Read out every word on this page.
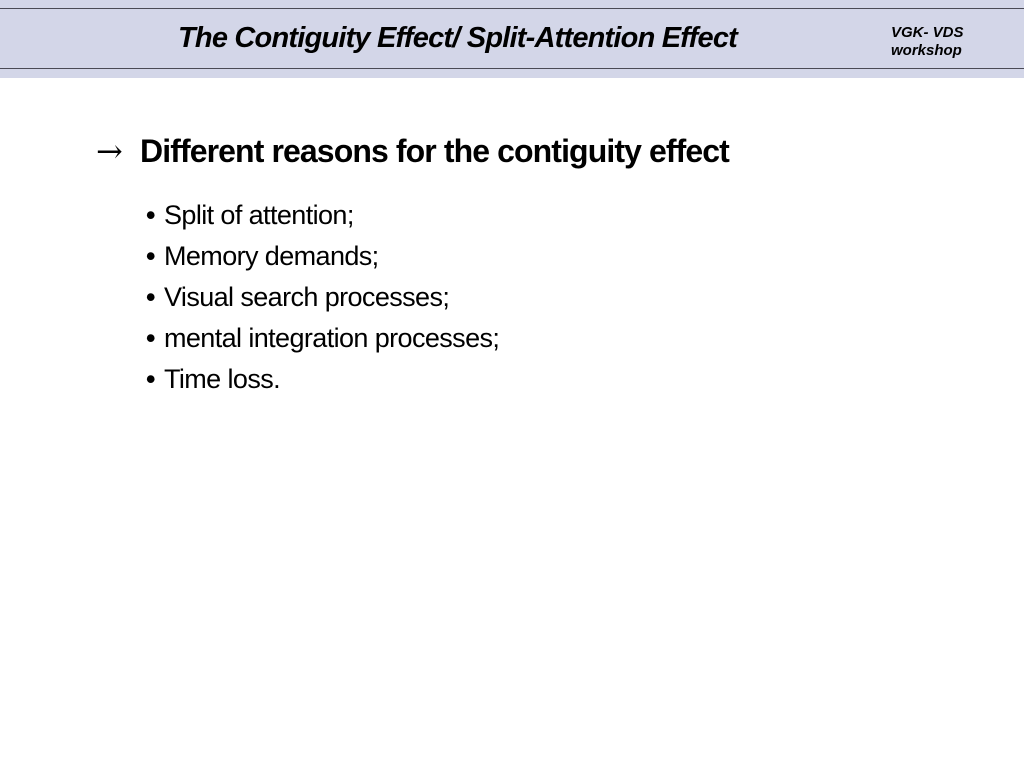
The Contiguity Effect/ Split-Attention Effect	VGK- VDS
workshop
→ Different reasons for the contiguity effect
• Split of attention;
• Memory demands;
• Visual search processes;
• mental integration processes;
• Time loss.
